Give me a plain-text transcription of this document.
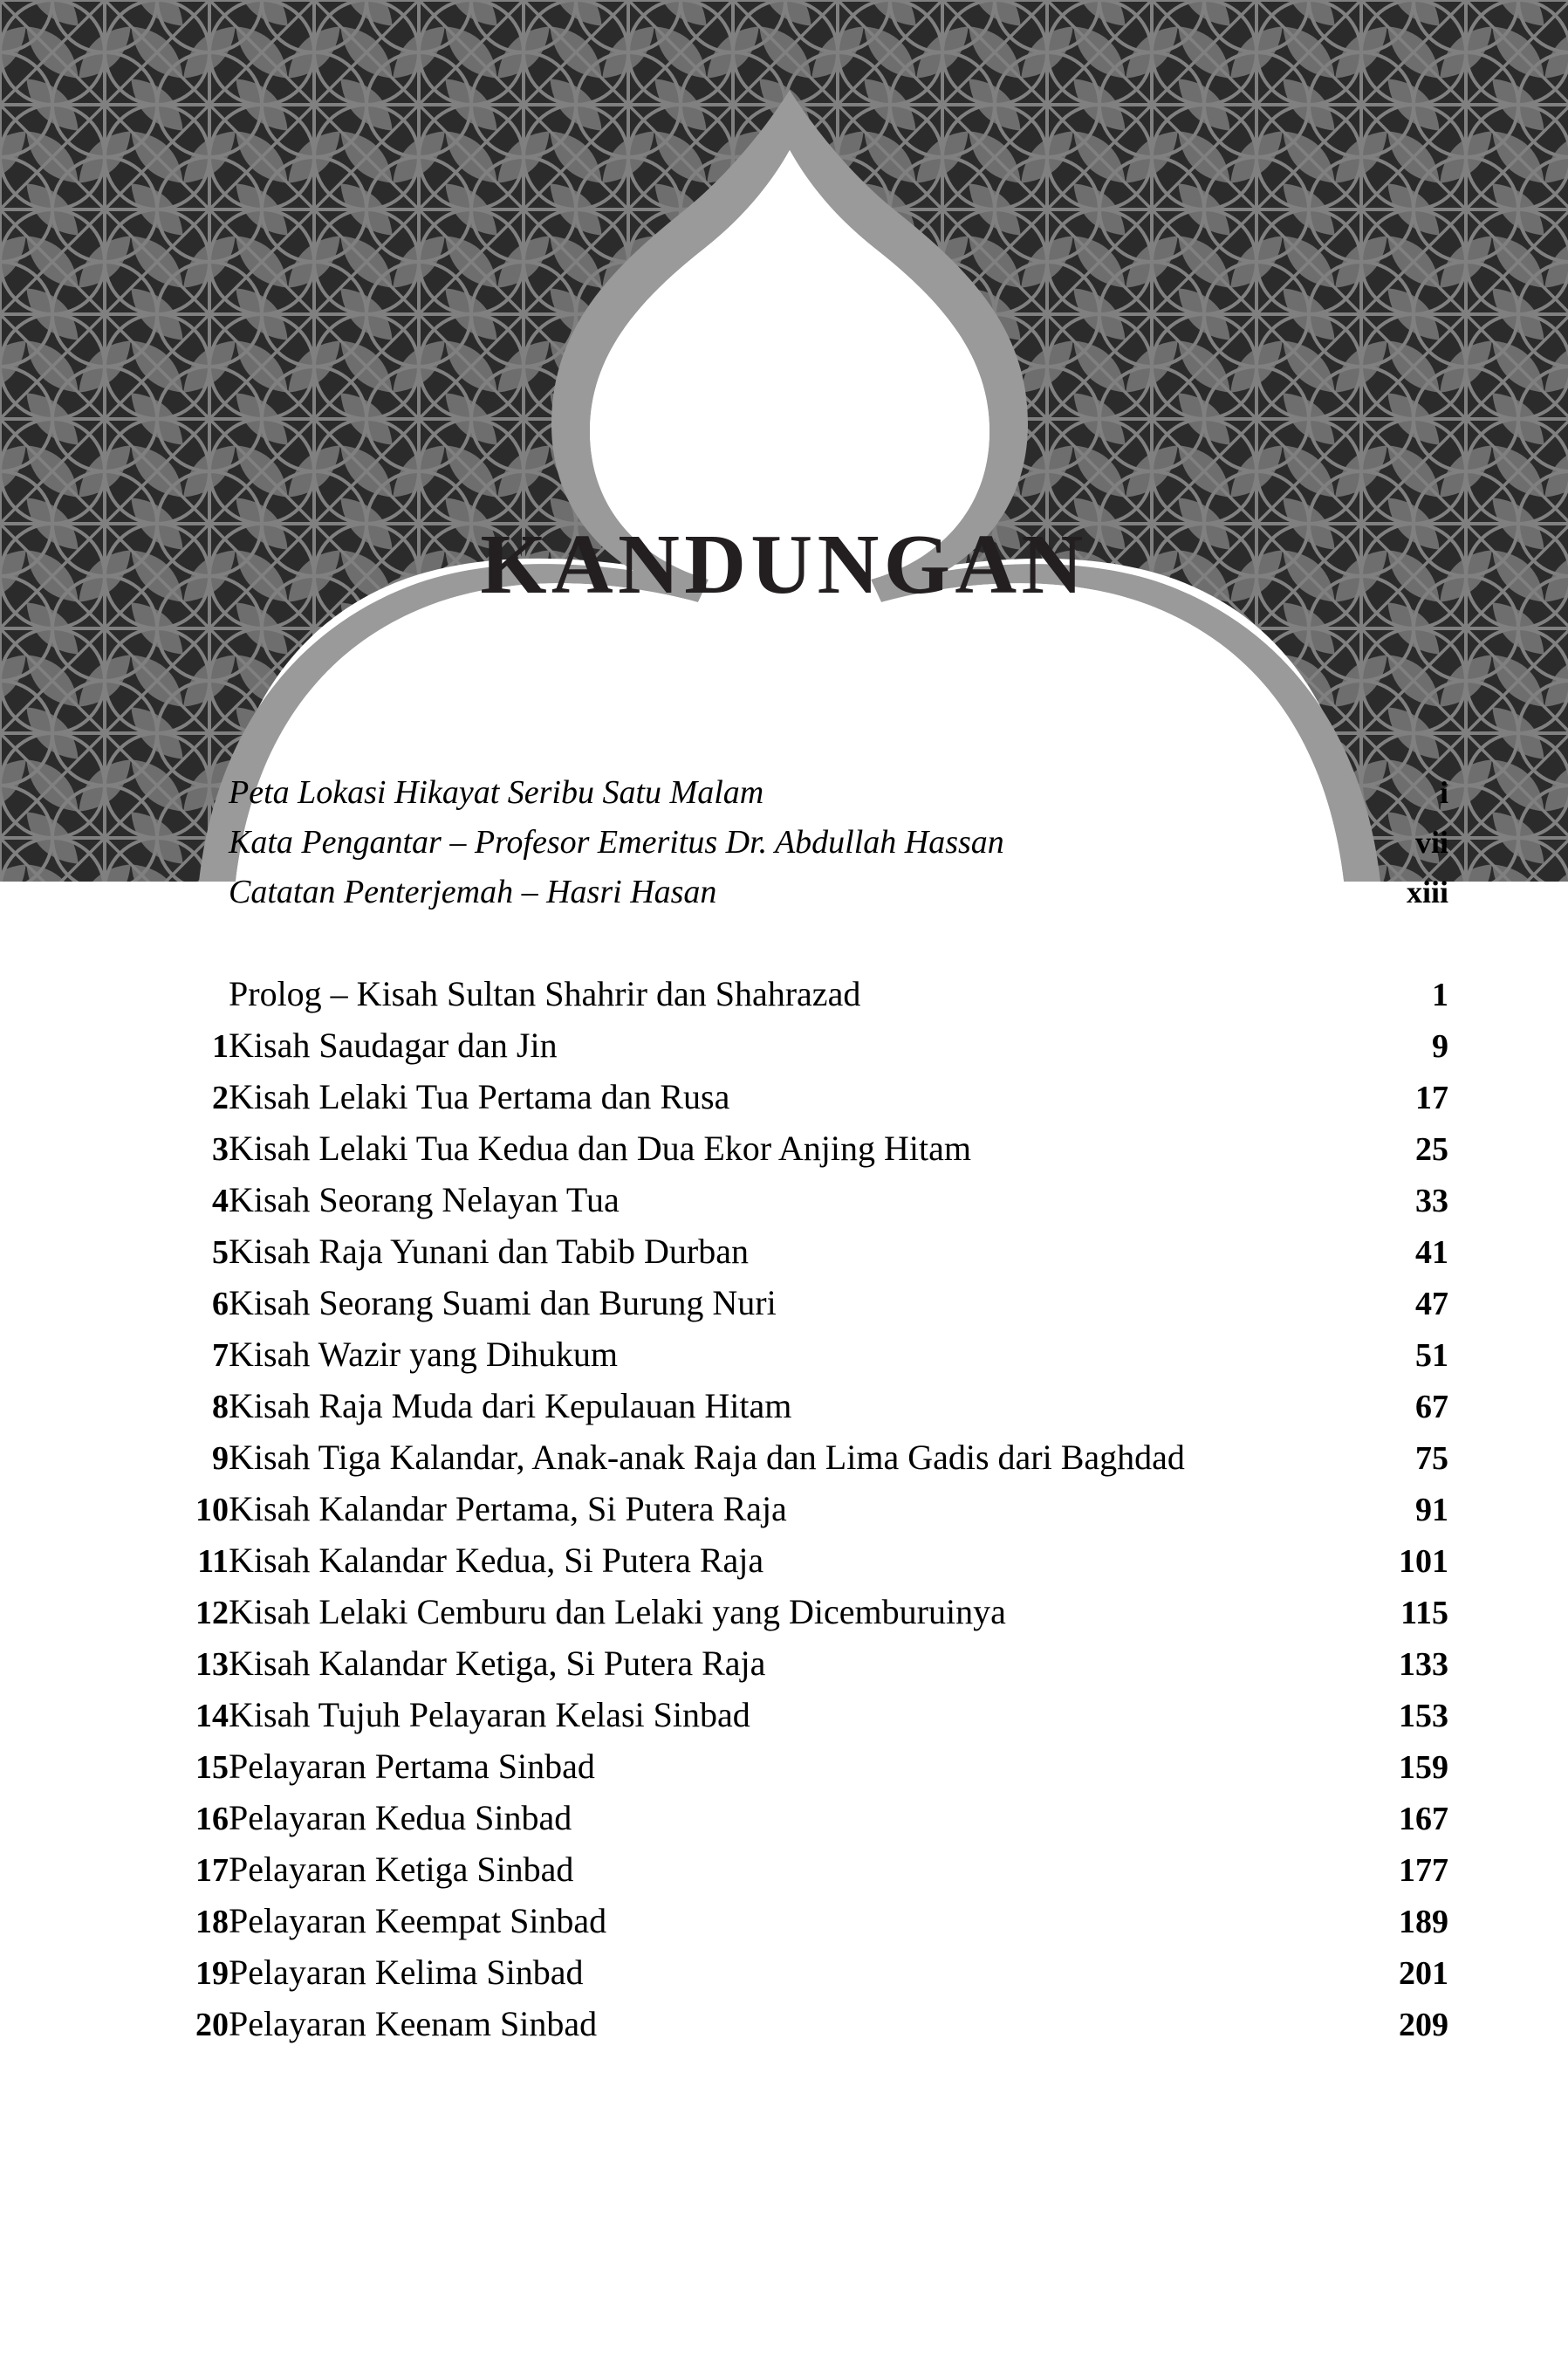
KANDUNGAN
	Peta Lokasi Hikayat Seribu Satu Malam	i
	Kata Pengantar – Profesor Emeritus Dr. Abdullah Hassan	vii
	Catatan Penterjemah – Hasri Hasan	xiii

	Prolog – Kisah Sultan Shahrir dan Shahrazad	1
1	Kisah Saudagar dan Jin	9
2	Kisah Lelaki Tua Pertama dan Rusa	17
3	Kisah Lelaki Tua Kedua dan Dua Ekor Anjing Hitam	25
4	Kisah Seorang Nelayan Tua	33
5	Kisah Raja Yunani dan Tabib Durban	41
6	Kisah Seorang Suami dan Burung Nuri	47
7	Kisah Wazir yang Dihukum	51
8	Kisah Raja Muda dari Kepulauan Hitam	67
9	Kisah Tiga Kalandar, Anak-anak Raja dan Lima Gadis dari Baghdad	75
10	Kisah Kalandar Pertama, Si Putera Raja	91
11	Kisah Kalandar Kedua, Si Putera Raja	101
12	Kisah Lelaki Cemburu dan Lelaki yang Dicemburuinya	115
13	Kisah Kalandar Ketiga, Si Putera Raja	133
14	Kisah Tujuh Pelayaran Kelasi Sinbad	153
15	Pelayaran Pertama Sinbad	159
16	Pelayaran Kedua Sinbad	167
17	Pelayaran Ketiga Sinbad	177
18	Pelayaran Keempat Sinbad	189
19	Pelayaran Kelima Sinbad	201
20	Pelayaran Keenam Sinbad	209
